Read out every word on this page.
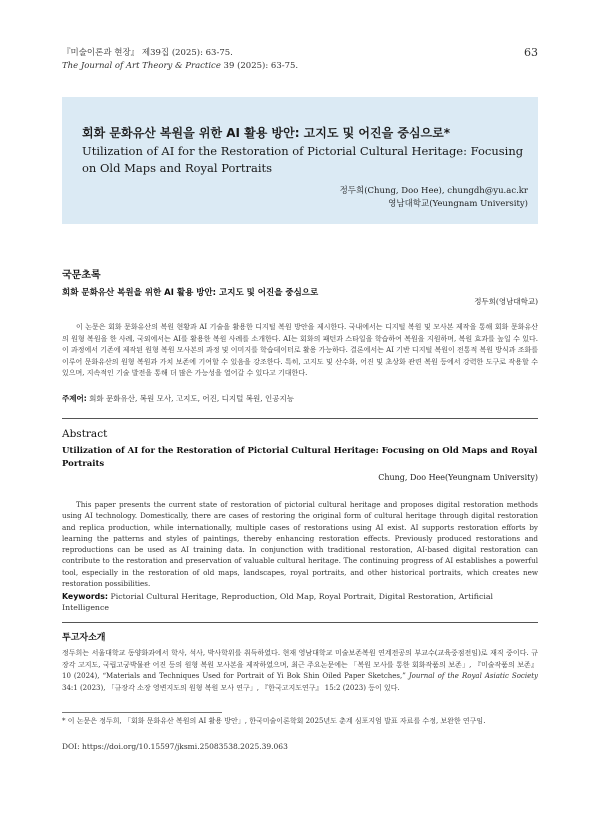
『미술이론과 현장』 제39집 (2025): 63-75.
The Journal of Art Theory & Practice 39 (2025): 63-75.
63
회화 문화유산 복원을 위한 AI 활용 방안: 고지도 및 어진을 중심으로*
Utilization of AI for the Restoration of Pictorial Cultural Heritage: Focusing on Old Maps and Royal Portraits
정두희(Chung, Doo Hee), chungdh@yu.ac.kr
영남대학교(Yeungnam University)
국문초록
회화 문화유산 복원을 위한 AI 활용 방안: 고지도 및 어진을 중심으로
정두희(영남대학교)
이 논문은 회화 문화유산의 복원 현황과 AI 기술을 활용한 디지털 복원 방안을 제시한다. 국내에서는 디지털 복원 및 모사본 제작을 통해 회화 문화유산의 원형 복원을 한 사례, 국외에서는 AI를 활용한 복원 사례를 소개한다. AI는 회화의 패턴과 스타일을 학습하여 복원을 지원하며, 복원 효과를 높일 수 있다. 이 과정에서 기존에 제작된 원형 복원 모사본의 과정 및 이미지를 학습데이터로 활용 가능하다. 결론에서는 AI 기반 디지털 복원이 전통적 복원 방식과 조화를 이루어 문화유산의 원형 복원과 가치 보존에 기여할 수 있음을 강조한다. 특히, 고지도 및 산수화, 어진 및 초상화 관련 복원 등에서 강력한 도구로 작용할 수 있으며, 지속적인 기술 발전을 통해 더 많은 가능성을 열어갈 수 있다고 기대한다.
주제어: 회화 문화유산, 복원 모사, 고지도, 어진, 디지털 복원, 인공지능
Abstract
Utilization of AI for the Restoration of Pictorial Cultural Heritage: Focusing on Old Maps and Royal Portraits
Chung, Doo Hee(Yeungnam University)
This paper presents the current state of restoration of pictorial cultural heritage and proposes digital restoration methods using AI technology. Domestically, there are cases of restoring the original form of cultural heritage through digital restoration and replica production, while internationally, multiple cases of restorations using AI exist. AI supports restoration efforts by learning the patterns and styles of paintings, thereby enhancing restoration effects. Previously produced restorations and reproductions can be used as AI training data. In conjunction with traditional restoration, AI-based digital restoration can contribute to the restoration and preservation of valuable cultural heritage. The continuing progress of AI establishes a powerful tool, especially in the restoration of old maps, landscapes, royal portraits, and other historical portraits, which creates new restoration possibilities.
Keywords: Pictorial Cultural Heritage, Reproduction, Old Map, Royal Portrait, Digital Restoration, Artificial Intelligence
투고자소개
정두희는 서울대학교 동양화과에서 학사, 석사, 박사학위를 취득하였다. 현재 영남대학교 미술보존복원 연계전공의 부교수(교육중점전임)로 재직 중이다. 규장각 고지도, 국립고궁박물관 어진 등의 원형 복원 모사본을 제작하였으며, 최근 주요논문에는 「복원 모사를 통한 회화작품의 보존」, 『미술작품의 보존』 10 (2024), “Materials and Techniques Used for Portrait of Yi Bok Shin Oiled Paper Sketches,” Journal of the Royal Asiatic Society 34:1 (2023), 「규장각 소장 영변지도의 원형 복원 모사 연구」, 『한국고지도연구』 15:2 (2023) 등이 있다.
* 이 논문은 정두희, 「회화 문화유산 복원의 AI 활용 방안」, 한국미술이론학회 2025년도 춘계 심포지엄 발표 자료를 수정, 보완한 연구임.
DOI: https://doi.org/10.15597/jksmi.25083538.2025.39.063
